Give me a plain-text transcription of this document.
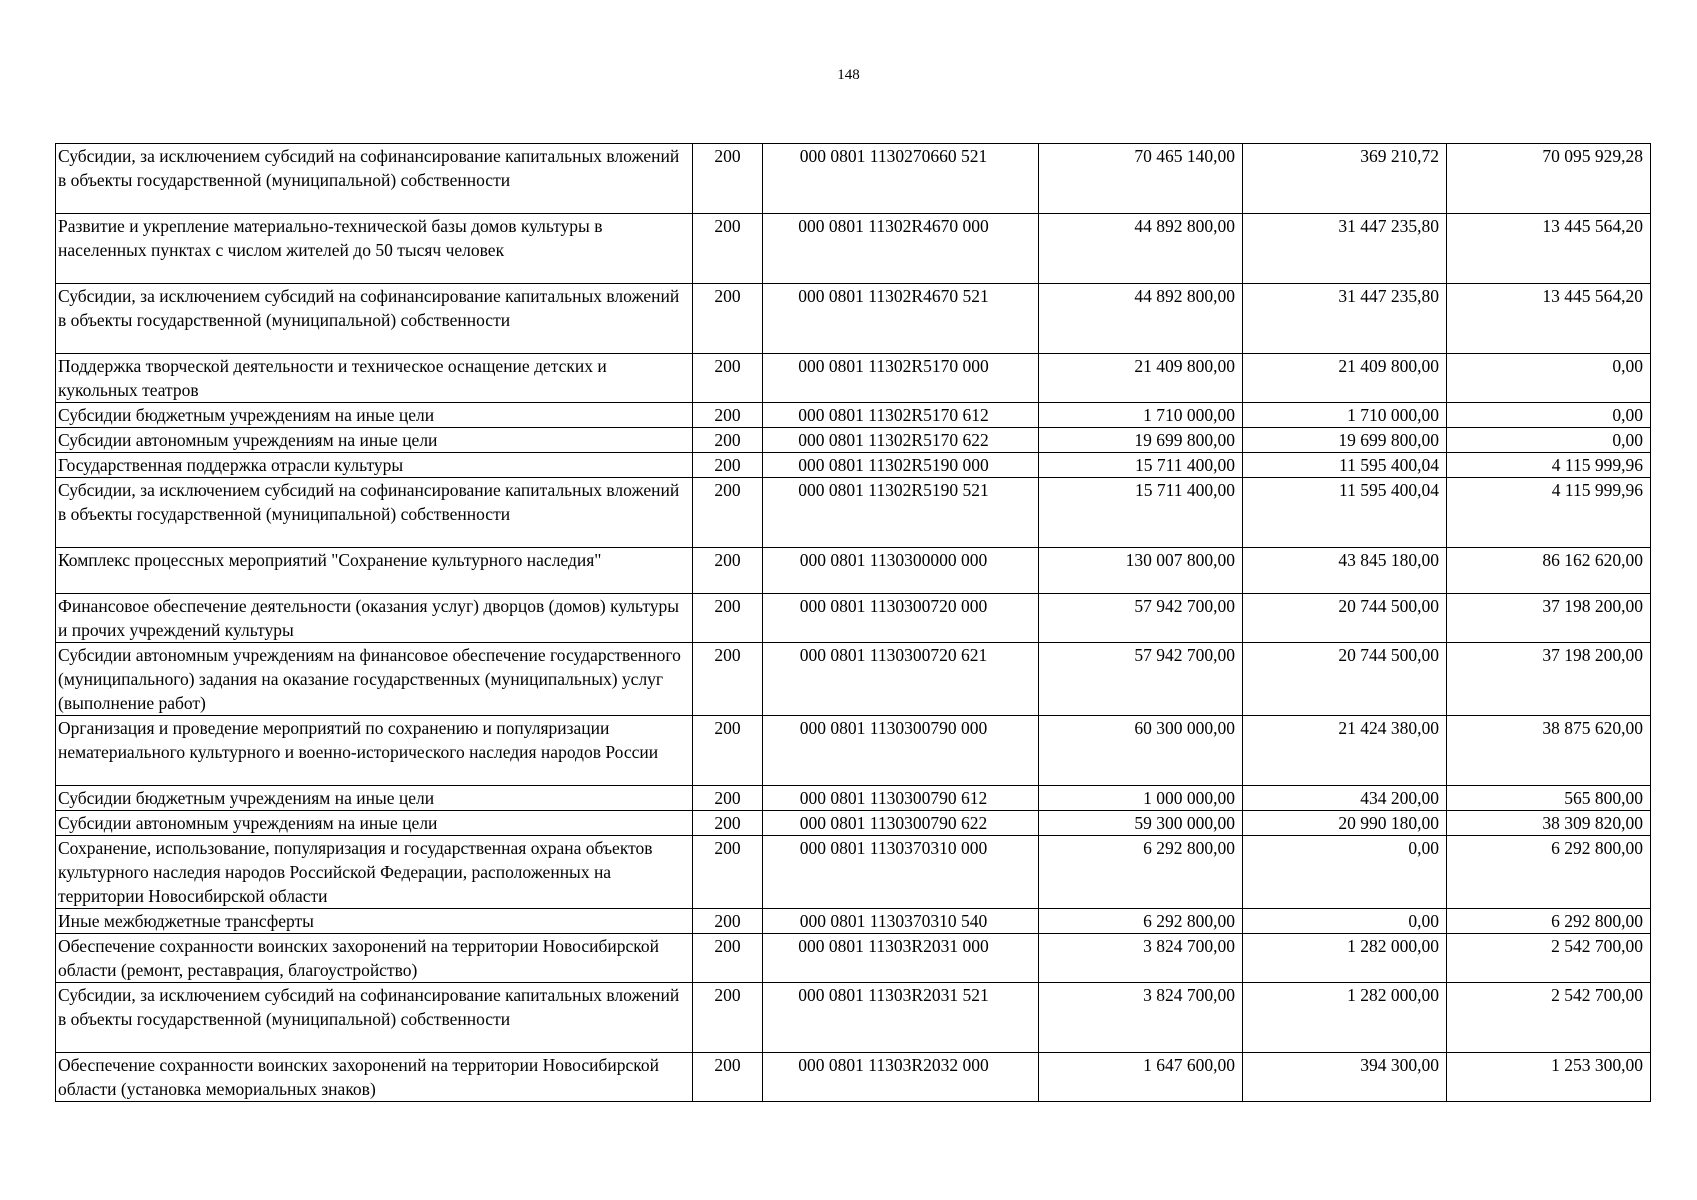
148
Субсидии, за исключением субсидий на софинансирование капитальных вложений в объекты государственной (муниципальной) собственности	200	000 0801 1130270660 521	70 465 140,00	369 210,72	70 095 929,28
Развитие и укрепление материально-технической базы домов культуры в населенных пунктах с числом жителей до 50 тысяч человек	200	000 0801 11302R4670 000	44 892 800,00	31 447 235,80	13 445 564,20
Субсидии, за исключением субсидий на софинансирование капитальных вложений в объекты государственной (муниципальной) собственности	200	000 0801 11302R4670 521	44 892 800,00	31 447 235,80	13 445 564,20
Поддержка творческой деятельности и техническое оснащение детских и кукольных театров	200	000 0801 11302R5170 000	21 409 800,00	21 409 800,00	0,00
Субсидии бюджетным учреждениям на иные цели	200	000 0801 11302R5170 612	1 710 000,00	1 710 000,00	0,00
Субсидии автономным учреждениям на иные цели	200	000 0801 11302R5170 622	19 699 800,00	19 699 800,00	0,00
Государственная поддержка отрасли культуры	200	000 0801 11302R5190 000	15 711 400,00	11 595 400,04	4 115 999,96
Субсидии, за исключением субсидий на софинансирование капитальных вложений в объекты государственной (муниципальной) собственности	200	000 0801 11302R5190 521	15 711 400,00	11 595 400,04	4 115 999,96
Комплекс процессных мероприятий "Сохранение культурного наследия"	200	000 0801 1130300000 000	130 007 800,00	43 845 180,00	86 162 620,00
Финансовое обеспечение деятельности (оказания услуг) дворцов (домов) культуры и прочих учреждений культуры	200	000 0801 1130300720 000	57 942 700,00	20 744 500,00	37 198 200,00
Субсидии автономным учреждениям на финансовое обеспечение государственного (муниципального) задания на оказание государственных (муниципальных) услуг (выполнение работ)	200	000 0801 1130300720 621	57 942 700,00	20 744 500,00	37 198 200,00
Организация и проведение мероприятий по сохранению и популяризации нематериального культурного и военно-исторического наследия народов России	200	000 0801 1130300790 000	60 300 000,00	21 424 380,00	38 875 620,00
Субсидии бюджетным учреждениям на иные цели	200	000 0801 1130300790 612	1 000 000,00	434 200,00	565 800,00
Субсидии автономным учреждениям на иные цели	200	000 0801 1130300790 622	59 300 000,00	20 990 180,00	38 309 820,00
Сохранение, использование, популяризация и государственная охрана объектов культурного наследия народов Российской Федерации, расположенных на территории Новосибирской области	200	000 0801 1130370310 000	6 292 800,00	0,00	6 292 800,00
Иные межбюджетные трансферты	200	000 0801 1130370310 540	6 292 800,00	0,00	6 292 800,00
Обеспечение сохранности воинских захоронений на территории Новосибирской области (ремонт, реставрация, благоустройство)	200	000 0801 11303R2031 000	3 824 700,00	1 282 000,00	2 542 700,00
Субсидии, за исключением субсидий на софинансирование капитальных вложений в объекты государственной (муниципальной) собственности	200	000 0801 11303R2031 521	3 824 700,00	1 282 000,00	2 542 700,00
Обеспечение сохранности воинских захоронений на территории Новосибирской области (установка мемориальных знаков)	200	000 0801 11303R2032 000	1 647 600,00	394 300,00	1 253 300,00
